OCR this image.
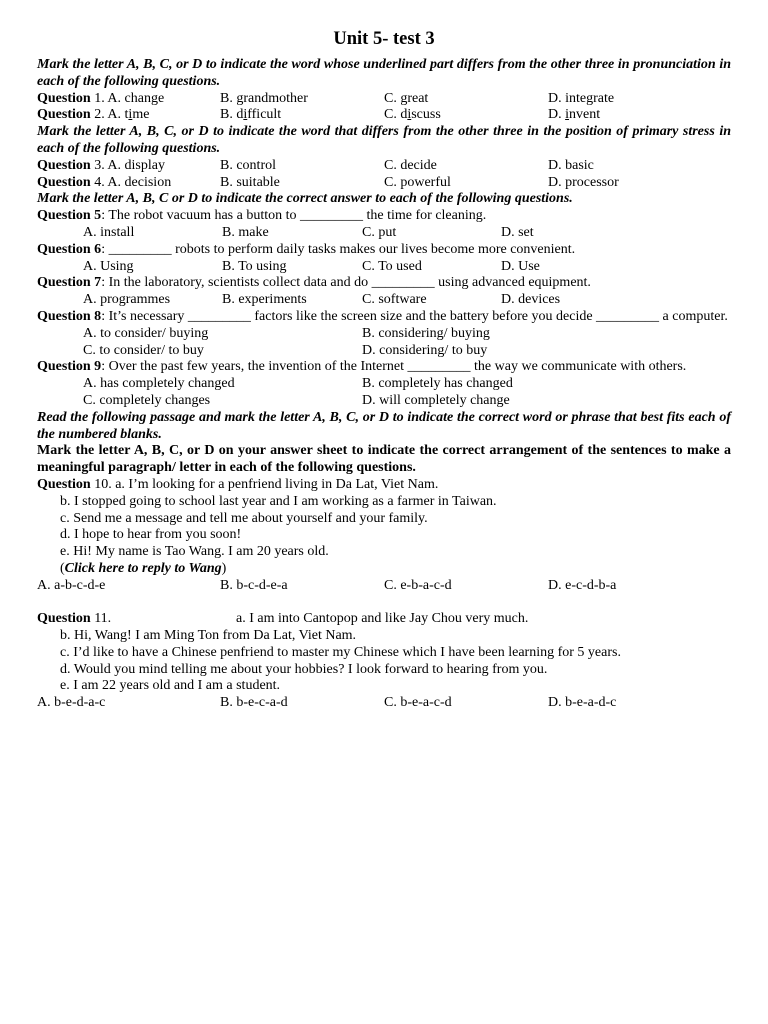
Unit 5- test 3
Mark the letter A, B, C, or D to indicate the word whose underlined part differs from the other three in pronunciation in each of the following questions.
Question 1. A. change	B. grandmother	C. great	D. integrate
Question 2. A. time	B. difficult	C. discuss	D. invent
Mark the letter A, B, C, or D to indicate the word that differs from the other three in the position of primary stress in each of the following questions.
Question 3. A. display	B. control	C. decide	D. basic
Question 4. A. decision	B. suitable	C. powerful	D. processor
Mark the letter A, B, C or D to indicate the correct answer to each of the following questions.
Question 5: The robot vacuum has a button to _________ the time for cleaning.
A. install	B. make	C. put	D. set
Question 6: _________ robots to perform daily tasks makes our lives become more convenient.
A. Using	B. To using	C. To used	D. Use
Question 7: In the laboratory, scientists collect data and do _________ using advanced equipment.
A. programmes	B. experiments	C. software	D. devices
Question 8: It’s necessary _________ factors like the screen size and the battery before you decide _________ a computer.
A. to consider/ buying	B. considering/ buying
C. to consider/ to buy	D. considering/ to buy
Question 9: Over the past few years, the invention of the Internet _________ the way we communicate with others.
A. has completely changed	B. completely has changed
C. completely changes	D. will completely change
Read the following passage and mark the letter A, B, C, or D to indicate the correct word or phrase that best fits each of the numbered blanks.
Mark the letter A, B, C, or D on your answer sheet to indicate the correct arrangement of the sentences to make a meaningful paragraph/ letter in each of the following questions.
Question 10. a. I’m looking for a penfriend living in Da Lat, Viet Nam.
b. I stopped going to school last year and I am working as a farmer in Taiwan.
c. Send me a message and tell me about yourself and your family.
d. I hope to hear from you soon!
e. Hi! My name is Tao Wang. I am 20 years old.
(Click here to reply to Wang)
A. a-b-c-d-e	B. b-c-d-e-a	C. e-b-a-c-d	D. e-c-d-b-a
Question 11.	a. I am into Cantopop and like Jay Chou very much.
b. Hi, Wang! I am Ming Ton from Da Lat, Viet Nam.
c. I’d like to have a Chinese penfriend to master my Chinese which I have been learning for 5 years.
d. Would you mind telling me about your hobbies? I look forward to hearing from you.
e. I am 22 years old and I am a student.
A. b-e-d-a-c	B. b-e-c-a-d	C. b-e-a-c-d	D. b-e-a-d-c
